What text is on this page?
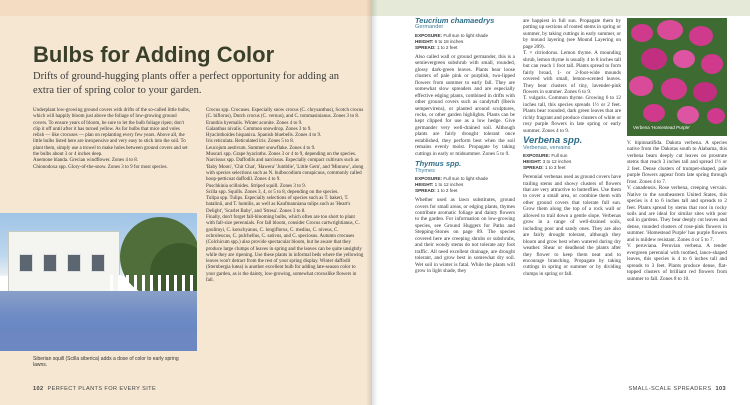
Bulbs for Adding Color

Drifts of ground-hugging plants offer a perfect opportunity for adding an extra tier of spring color to your garden.

Underplant low-growing ground covers with drifts of the so-called little bulbs, which will happily bloom just above the foliage of low-growing ground covers. To ensure years of bloom, be sure to let the bulb foliage ripen; don't clip it off until after it has turned yellow. As for bulbs that mice and voles relish — like crocuses — plan on replanting every few years. Above all, the little bulbs listed here are inexpensive and very easy to stick into the soil. To plant them, simply use a trowel to make holes between ground covers and set the bulbs about 3 or 4 inches deep.

Anemone blanda. Grecian windflower. Zones 4 to 8.

Chionodoxa spp. Glory-of-the-snow. Zones 3 to 9 for most species.

Crocus spp. Crocuses. Especially snow crocus (C. chrysanthus), Scotch crocus (C. biflorus), Dutch crocus (C. vernus), and C. tommasinianus. Zones 3 to 8.

Eranthis hyemalis. Winter aconite. Zones 4 to 9.

Galanthus nivalis. Common snowdrop. Zones 3 to 9.

Hyacinthoides hispanica. Spanish bluebells. Zones 4 to 9.

Iris reticulata. Reticulated iris. Zones 5 to 8.

Leucojum aestivum. Summer snowflake. Zones 4 to 9.

Muscari spp. Grape hyacinths. Zones 3 or 4 to 9, depending on the species.

Narcissus spp. Daffodils and narcissus. Especially compact cultivars such as 'Baby Moon', 'Chit Chat', 'Hawera' 'Jumblie', 'Little Gem', and 'Minnow', along with species selections such as N. bulbocodium conspicuus, commonly called hoop-petticoat daffodil. Zones 4 to 9.

Puschkinia scilloides. Striped squill. Zones 3 to 9.

Scilla spp. Squills. Zones 3, 4, or 5 to 8, depending on the species.

Tulipa spp. Tulips. Especially selections of species such as T. bakeri, T. batalinii, and T. humilis, as well as Kaufmanniana tulips such as 'Heart's Delight', 'Scarlet Baby', and 'Stresa'. Zones 3 to 8.

Finally, don't forget fall-blooming bulbs, which often are too short to plant with fall-size perennials. For fall bloom, consider Crocus cartwrightianus, C. goulimyi, C. kotschyanus, C. longiflorus, C. medius, C. niveus, C. ochroleucus, C. pulchellus, C. sativus, and C. speciosus. Autumn crocuses (Colchicum spp.) also provide spectacular bloom, but be aware that they produce large clumps of leaves in spring and the leaves can be quite unsightly while they are ripening. Use these plants in informal beds where the yellowing leaves won't detract from the rest of your spring display. Winter daffodil (Sternbergia lutea) is another excellent bulb for adding late-season color to your garden, as is the dainty, low-growing, somewhat crocuslike flowers in fall.

Siberian squill (Scilla siberica) adds a dose of color to early spring lawns.
102 PERFECT PLANTS FOR EVERY SITE

Teucrium chamaedrys

Germander

EXPOSURE: Full sun to light shade

HEIGHT: 6 to 18 inches

SPREAD: 1 to 2 feet

Also called wall or ground germander, this is a semievergreen subshrub with small, rounded, glossy dark-green leaves. Plants bear loose clusters of pale pink or purplish, two-lipped flowers from summer to early fall. They are somewhat slow spreaders and are especially effective edging plants, combined in drifts with other ground covers such as candytuft (Iberis sempervirens), or planted around sculptures, rocks, or other garden highlights. Plants can be kept clipped for use as a low hedge. Give germander very well-drained soil. Although plants are fairly drought tolerant once established, they perform best when the soil remains evenly moist. Propagate by taking cuttings in early or midsummer. Zones 5 to 9.

Thymus spp.

Thymes

EXPOSURE: Full sun to light shade

HEIGHT: 1 to 12 inches

SPREAD: 1 to 2 feet

Whether used as lawn substitutes, ground covers for small areas, or edging plants, thymes contribute aromatic foliage and dainty flowers to the garden. For information on low-growing species, see Ground Huggers for Paths and Stepping-Stones on page 89. The species covered here are creeping shrubs or subshrubs, and their woody stems do not tolerate any foot traffic. All need excellent drainage, are drought tolerant, and grow best in somewhat dry soil. Wet soil in winter is fatal. While the plants will grow in light shade, they

are happiest in full sun. Propagate them by potting up sections of rooted stems in spring or summer, by taking cuttings in early summer, or by mound layering (see Mound Layering on page 209).

T. × citriodorus. Lemon thyme. A mounding shrub, lemon thyme is usually 4 to 8 inches tall but can reach 1 foot tall. Plants spread to form fairly broad, 1- or 2-foot-wide mounds covered with small, lemon-scented leaves. They bear clusters of tiny, lavender-pink flowers in summer. Zones 6 to 9.

T. vulgaris. Common thyme. Growing 6 to 12 inches tall, this species spreads 1½ or 2 feet. Plants bear rounded, dark green leaves that are richly fragrant and produce clusters of white or rosy purple flowers in late spring or early summer. Zones 4 to 9.

Verbena spp.

Verbenas, vervains

EXPOSURE: Full sun

HEIGHT: 3 to 12 inches

SPREAD: 1 to 3 feet

Perennial verbenas used as ground covers have trailing stems and showy clusters of flowers that are very attractive to butterflies. Use them to cover a small area, or combine them with other ground covers that tolerate full sun. Grow them along the top of a rock wall or allowed to trail down a gentle slope. Verbenas grow in a range of well-drained soils, including poor and sandy ones. They are also are fairly drought tolerant, although they bloom and grow best when watered during dry weather. Shear or deadhead the plants after they flower to keep them neat and to encourage branching. Propagate by taking cuttings in spring or summer or by dividing clumps in spring or fall.

Verbena 'Homestead Purple'

V. bipinnatifida. Dakota verbena. A species native from the Dakotas south to Alabama, this verbena bears deeply cut leaves on prostrate stems that reach 3 inches tall and spread 1½ or 2 feet. Dense clusters of trumpet-shaped, pale purple flowers appear from late spring through frost. Zones 4 to 7.

V. canadensis. Rose verbena, creeping vervain. Native to the southeastern United States, this species is 4 to 6 inches tall and spreads to 2 feet. Plants spread by stems that root in rocky soils and are ideal for similar sites with poor soil in gardens. They bear deeply cut leaves and dense, rounded clusters of rose-pink flowers in summer. 'Homestead Purple' has purple flowers and is mildew resistant. Zones 4 or 5 to 7.

V. peruviana. Peruvian verbena. A tender evergreen perennial with toothed, lance-shaped leaves, this species is 4 to 6 inches tall and spreads to 3 feet. Plants produce dense, flat-topped clusters of brilliant red flowers from summer to fall. Zones 8 to 10.

SMALL-SCALE SPREADERS 103
